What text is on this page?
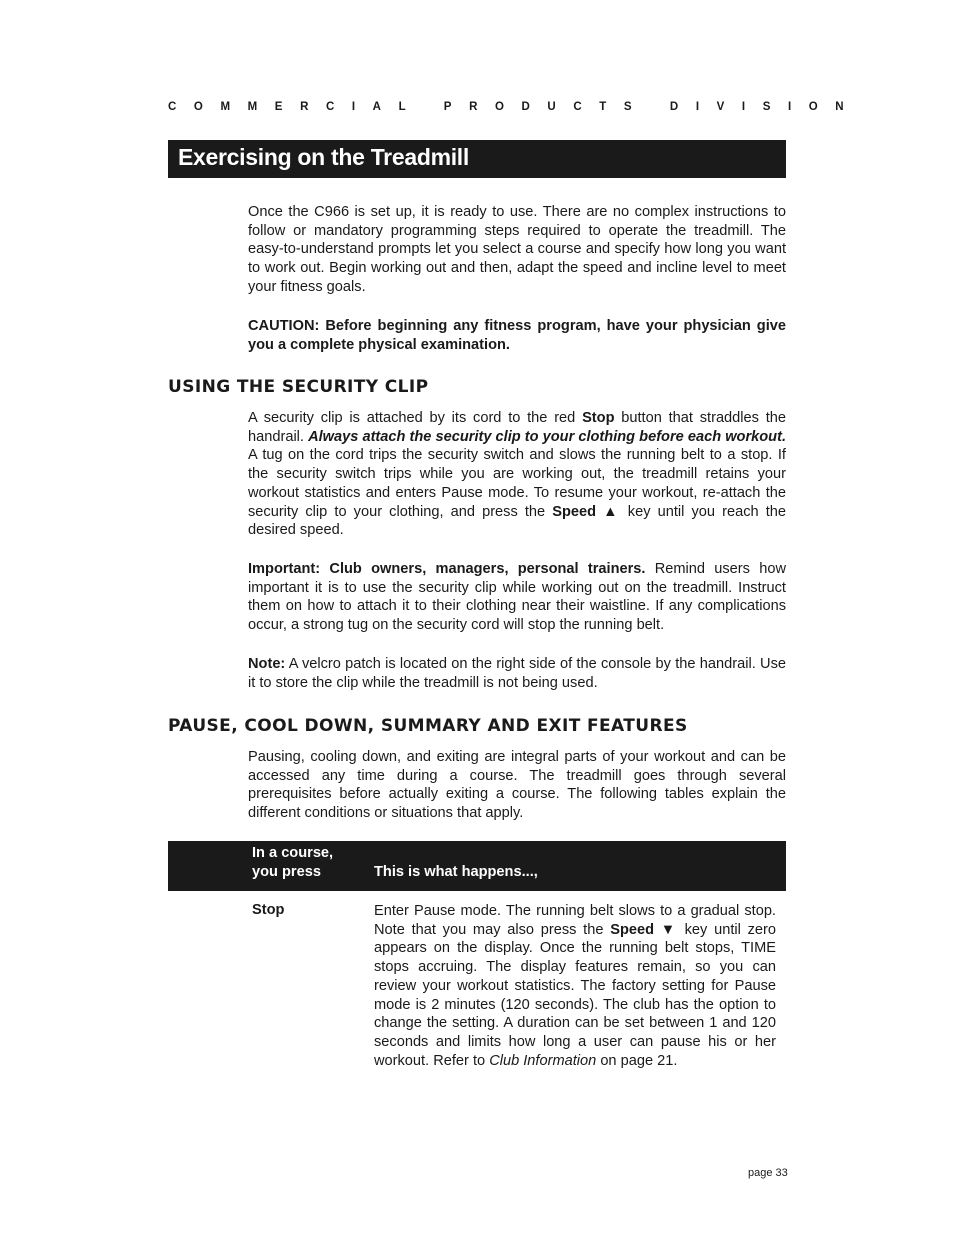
COMMERCIAL PRODUCTS DIVISION
Exercising on the Treadmill
Once the C966 is set up, it is ready to use. There are no complex instructions to follow or mandatory programming steps required to operate the treadmill. The easy-to-understand prompts let you select a course and specify how long you want to work out. Begin working out and then, adapt the speed and incline level to meet your fitness goals.
CAUTION: Before beginning any fitness program, have your physician give you a complete physical examination.
USING THE SECURITY CLIP
A security clip is attached by its cord to the red Stop button that straddles the handrail. Always attach the security clip to your clothing before each workout. A tug on the cord trips the security switch and slows the running belt to a stop. If the security switch trips while you are working out, the treadmill retains your workout statistics and enters Pause mode. To resume your workout, re-attach the security clip to your clothing, and press the Speed ▲ key until you reach the desired speed.
Important: Club owners, managers, personal trainers. Remind users how important it is to use the security clip while working out on the treadmill. Instruct them on how to attach it to their clothing near their waistline. If any complications occur, a strong tug on the security cord will stop the running belt.
Note: A velcro patch is located on the right side of the console by the handrail. Use it to store the clip while the treadmill is not being used.
PAUSE, COOL DOWN, SUMMARY AND EXIT FEATURES
Pausing, cooling down, and exiting are integral parts of your workout and can be accessed any time during a course. The treadmill goes through several prerequisites before actually exiting a course. The following tables explain the different conditions or situations that apply.
In a course,
you press	This is what happens...,
Stop	Enter Pause mode. The running belt slows to a gradual stop. Note that you may also press the Speed ▼ key until zero appears on the display. Once the running belt stops, TIME stops accruing. The display features remain, so you can review your workout statistics. The factory setting for Pause mode is 2 minutes (120 seconds). The club has the option to change the setting. A duration can be set between 1 and 120 seconds and limits how long a user can pause his or her workout. Refer to Club Information on page 21.
page 33
